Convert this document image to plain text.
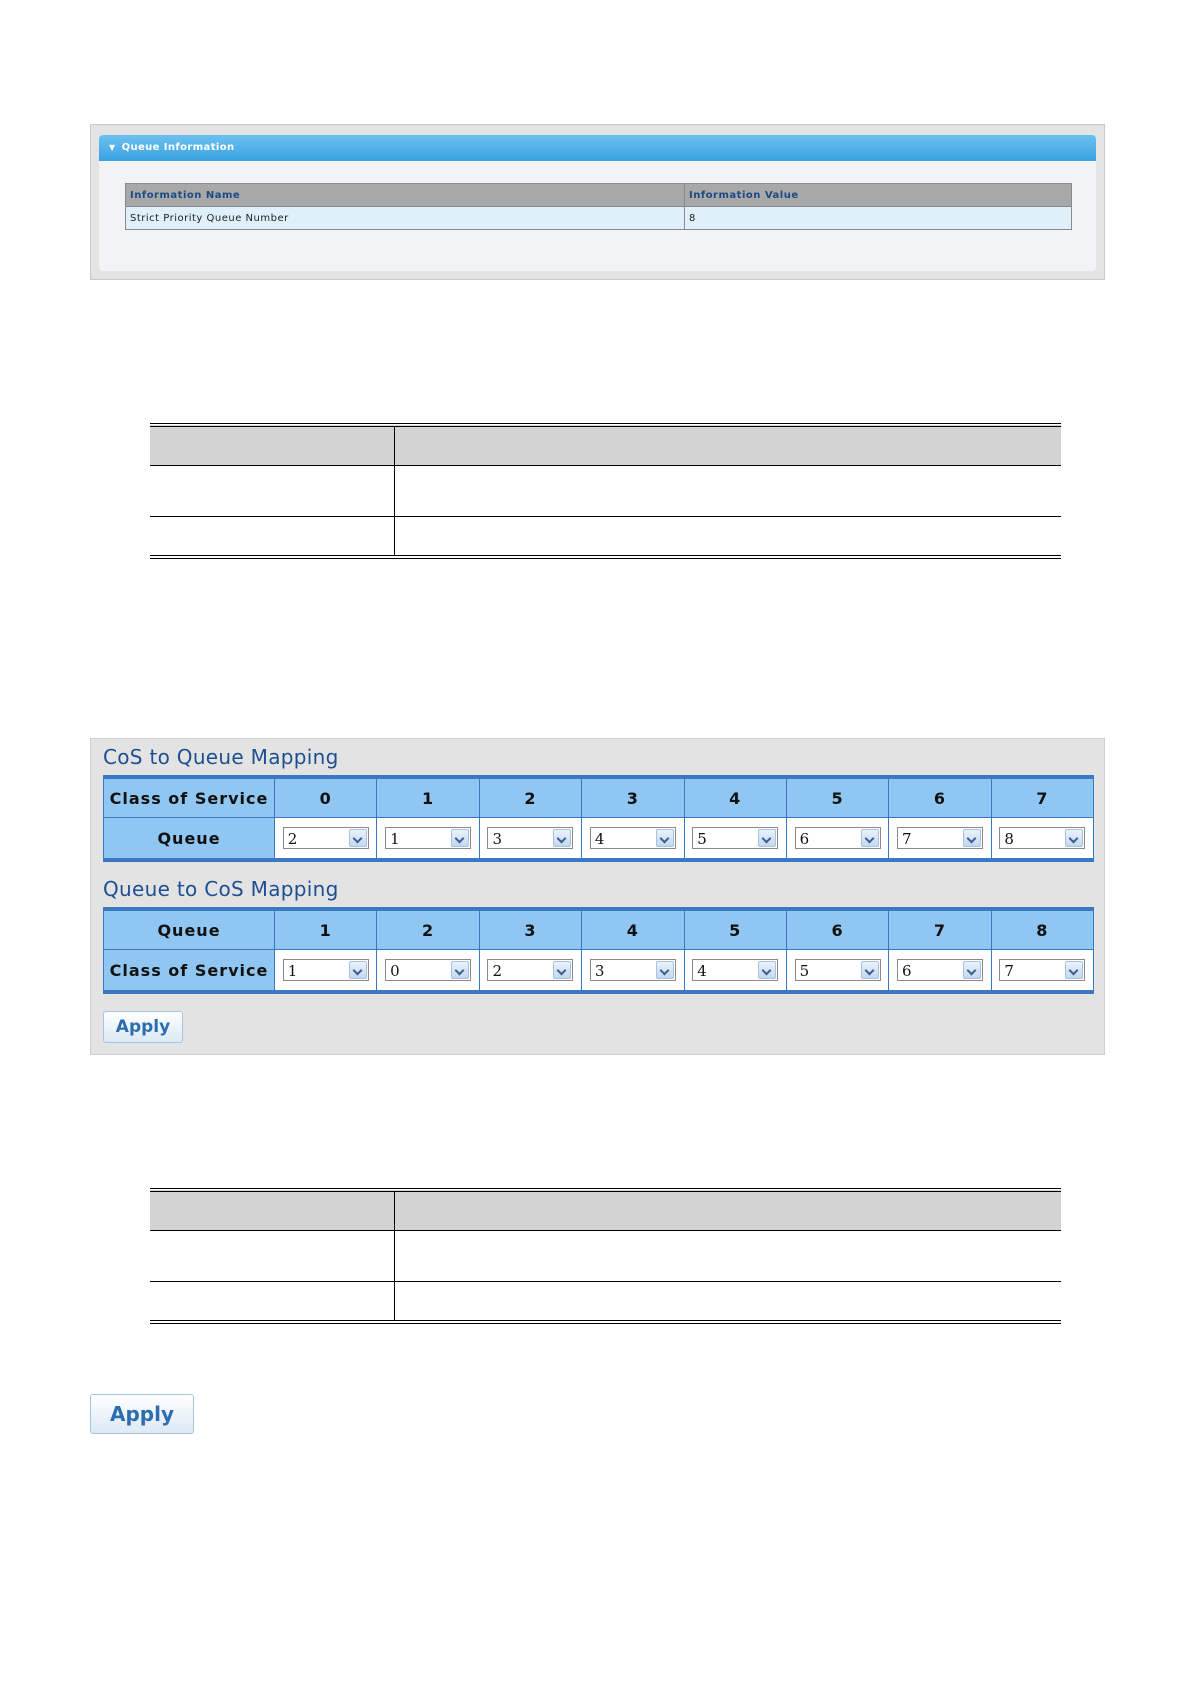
▼ Queue Information
Information Name	Information Value
Strict Priority Queue Number	8

CoS to Queue Mapping
Class of Service	0	1	2	3	4	5	6	7
Queue	2	1	3	4	5	6	7	8
Queue to CoS Mapping
Queue	1	2	3	4	5	6	7	8
Class of Service	1	0	2	3	4	5	6	7
Apply

Apply
